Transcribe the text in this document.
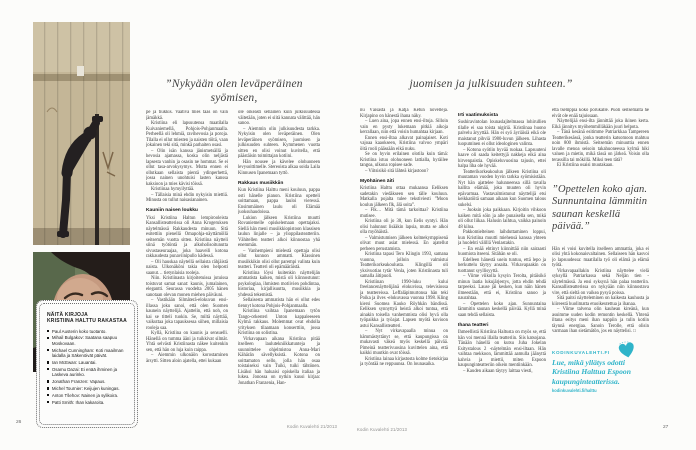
NÄITÄ KIRJOJA
KRISTIINA HALTTU RAKASTAA
Paul Austerin koko tuotanto.
Mihail Bulgakov: Saatana saapuu Moskovaan.
Michael Cunningham: Koti maailman laidalla ja Säkenöivät päivät.
Ian McEwan: Lauantai.
Osamu Dazai: Ei enää ihminen ja Laskeva aurinko.
Jonathan Franzen: Vapaus.
Michel Tournier: Keijujen kuningas.
Anton Tšehov: Nainen ja sylikoira.
Patti Smith: Ihan kakaroita.
”Nykyään olen leväperäinen syömisen,
juomisen ja julkisuuden suhteen.”
pe ja tiukkis. Vaativa mies taas on vain jämäkkä.
Kristiina eli lapsuutensa maatilalla Kuivaniemellä, Pohjois-Pohjanmaalla. Perheellä oli lehmiä, ravihevosia ja poroja. Tilalla ei ollut miesten ja naisten töitä, vaan jokainen teki sitä, minkä parhaiten osasi.
– Olin isän kanssa jänismetsällä ja hevosia ajamassa, koska olin neljästä lapsesta vanhin ja osasin ne hommat. Se ei ollut tasa-arvokysymys. Mutta ennen ei ollutkaan sellaista pientä ydinperhettä, jossa nainen unohtuisi lasten kanssa kaksioon ja mies kävisi töissä.
Kristiinaa hymyilyttää.
– Tällaisia minä ehdin nykyisin miettiä. Minusta on tullut naisasianainen.
Kauniin naisen loukku
Yksi Kristiina Haltun lempirooleista Kansallisteatterissa oli Anna Krogeruksen näytelmässä Rakkaudesta minuun. Sitä esitettiin pienellä Omapohja-näyttämöllä seitsemän vuotta sitten. Kristiina näytteli siinä työtöntä ja alkoholisoitunutta sivustaseuraajaa, joka haaveili kotona rakkaudesta punaviinipullo kädessä.
– Oli hauskaa näytellä sellaista rähjäistä naista. Ulkonäköni takia olen helposti saanut… tietynlaisia rooleja.
Niin. Kristiinasta kirjoitetuissa jutuissa toistuvat samat sanat: kaunis, jumalainen, elegantti. Seurassa vuodelta 2005 hänen sanotaan olevan monen miehen päiväuni.
– Vastikään Silmäterä-elokuvan ensi-illassa joku sanoi, että olen Suomen kaunein näyttelijä. Ajattelin, että noh, on kai se titteli tuokin. Se, miltä näyttää, vaikuttaa joka tapauksessa siihen, millaisia rooleja saa.
Kyllä, Kristiina on kaunis ja sensuelli. Hänellä on tumma ääni ja tuikkivat silmät. Yhtä selvästi Kristiinasta näkee kuitenkin sen, että hän on luja kuin raippa.
– Aiemmin ulkonäön korostaminen ärsytti. Sitten aloin ajatella, ettei kukaan
ole oikeasti sellainen kuin julkisuudessa väitetään, joten ei siitä kannata välittää, hän sanoo.
– Aiemmin olin julkisuudesta tarkka. Nykyisin olen leväperäinen. Olen leväperäinen syömisen, juomisen ja julkisuuden suhteen. Kymmenen vuotta sitten en olisi voinut kuvitella, että päästäisin toimittajan kotiini.
Hän nousee ja kävelee olohuoneen levysoittimelle. Stereoista alkaa soida Laila Kinnusen Ipanemaan tyttö.
Rakkaus musiikkiin
Kun Kristiina Halttu meni kouluun, pappa osti hänelle pianon. Kristiina opetteli soittamaan, pappa lauloi vieressä. Ensimmäinen laulu oli Elämää juoksuhaudoissa.
Lukion jälkeen Kristiina muutti Rovaniemelle opiskelemaan opettajaksi. Siellä hän meni musiikkiopistoon klassisen laulun linjalle – ja ylioppilasteatteriin. Vähitellen teatteri alkoi kiinnostaa yhä enemmän.
– Vanhempieni mielestä opettaja olisi ollut kunnon ammatti. Klassinen musiikkikin olisi ollut parempi valinta kuin teatteri. Teatteri oli epämääräistä.
Kristiina löysi kuitenkin näyttelijän ammatista kaiken, mistä oli kiinnostunut: psykologiaa, ihmisten motiivien pohdintaa, historiaa, kirjallisuutta, musiikkia ja yhdessä tekemistä.
Sellaisesta ammatista hän ei ollut edes tiennyt kotona Pohjois-Pohjanmaalla.
Kristiina vaihtaa Ipanemaan tytön Tango-orkesteri Unton kappaleeseen Kylmä rakkaus. Molemmat ovat ehdolla yrityksen tilaamaan konserttiin, jossa Kristiina on solistina.
Virkavapaan aikana Kristiina pitää itselleen laulutekniikkatunteja ja suunnittelee ohjelmistoa Anna-Mari Kähärän sävellyksistä. Kotona on soittamaton sello, jolla hän osaa toistaiseksi vain Tuiki, tuiki tähtönen. Lisäksi hän haluaisi opiskella italiaa ja lukea. Jonossa on nytkin kuusi kirjaa: Jonathan Franzenia, Han-
nu Väisästä ja Katja Ketun novelleja. Kirjapino on hänestä ihana näky.
– Luen aina, jopa ennen ensi-iltoja. Silloin vain en pysty lukemaan pitkiä aikoja kerrallaan, niin että voisin humahtaa kirjaan.
Ennen ensi-iltaa alkavat painajaiset. Koti vajoaa kaaokseen, Kristiina valvoo ympäri öitä rooli päässään eikä nuku.
Se on hyvin erilainen olotila kuin tämä: Kristiina istuu olohuoneen lattialla, hyräilee tangoa, ulkona ropisee sade.
– Viitsisikö sitä lähteä kirjastoon?
Myöhäinen äiti
Kristiina Halttu ottaa mukaansa Eeliksen sadetakin viedäkseen sen tälle kouluun. Matkalla pojalta tulee tekstiviesti ”Moon koulun jälkeen flk, älä soita”.
– Flk… Mitä tämä tarkoittaa? Kristiina mutisee.
Kristiina oli jo 38, kun Eelis syntyi. Hän olisi halunnut lisääkin lapsia, mutta se alkoi olla myöhäistä.
– Valmistumisen jälkeen kolmekymppisenä olivat muut asiat mielessä. En ajatellut perheen perustamista.
Kristiina tapasi Tero Klingin 1993, samana vuonna, jolloin valmistui Teatterikorkeakoulusta. Klingillä oli yksivuotias tytär Venla, joten Kristiinasta tuli samalla äitipuoli.
Kristiinan 1990-luku kului freelancenäyttelijänä elokuvissa, televisiossa ja teattereissa. Leffaläpimurtonsa hän teki Poika ja ilves -elokuvassa vuonna 1998. Kling kiersi Suomea Kauko Röyhkän bändissä. Eeliksen synnyttyä heistä alkoi tuntua, että ainakin toisella vanhemmista olisi hyvä olla työpaikka ja työajat. Lapsen myötä kuvioon astui Kansallisteatteri.
– Nyt virkavapaalla minua on hämmästyttänyt se, että kaupungissa on mukavasti väkeä myös keskellä päivää. Pimeinä teatterivuosina kuvittelen aina, että kaikki muutkin ovat töissä.
Kristiina lainaa kirjastosta kolme tietokirjaa ja työntää ne reppuunsa. On lounasaika.
Irti vaatimuksista
Sushiravintolan lounaslajitelmassa lohirullien tilalle ei saa toista nigiriä. Kristiinaa huono palvelu äryyttää. Hän ei syö äyriäisiä eikä ole maistanut pihviä 1980-luvun jälkeen. Lihasta luopuminen ei ollut ideologinen valinta.
– Kotona syötiin hyvää ruokaa. Lapsuuteni haave oli saada keitettyjä nakkeja eikä aina hirvenpaistia. Opiskeluvuosina tajusin, ettei halpa liha ole hyvää.
Teatterikorkeakoulun jälkeen Kristiina oli muutaman vuoden hyvin tarkka syömisistään. Nyt hän ajattelee halunneensa sillä tavalla hallita elämää, joka muuten oli hyvin epävarmaa. Vastavalmistunut näyttelijä etsi keikkatöitä samaan aikaan kun Suomen talous sukelsi.
– Juoksin joka paikkaan. Kirjoitin vihkoon kaiken mitä söin ja alle punaisella sen, mikä oli ollut liikaa. Halusin laihtua, vaikka painoin 48 kiloa.
Pakkomielteinen laihduttaminen loppui, kun Kristiina muutti miehensä kanssa yhteen ja huolehti välillä Venlastakin.
– En enää ehtinyt kiinnittää niin sairaasti huomiota itseeni. Sitähän se oli.
Edelleen hänestä usein tuntuu, että lepo ja herkuttelu täytyy ansaita. Virkavapaakin on tuottanut syyllisyyttä.
– Viime viikolla kysyin Terolta, pitäisikö minun laatia lukujärjestys, jotta ehdin tehdä tarpeeksi. Lause jäi kesken, kun näin hänen ilmeestään, että ei, Kristiina sanoo ja naurahtaa.
– Opettelen koko ajan. Sunnuntaina lämmitin saunan keskellä päivää. Kyllä minä saan tehdä sellaista.
Ihana teatteri
Ihmeellistä Kristiina Haltusta on myös se, että hän voi mennä illalla teatteriin. Siis katsojana. Tänään hänellä on kutsu Juha Jokelan Esitystalous 2 -näytelmän ensi-iltaan. Hän vaihtaa mekkoon, lämmittää aamulla jäänyttä kahvia ja miettii, miten Espoon kaupunginteatteriin oikein mentiinkään.
– Kauden aikaan täytyy laittaa viesti,
että tsemppiä koko porukalle. Puoli seitsemältä he eivät ole enää tajuissaan.
Näyttelijää ensi-ilta jännittää joka ikinen kerta. Eikä jännitys myöhemmilläkään juuri helpota.
– Tänä kesänä esitimme Patriarkkaa Tampereen Teatterikesässä, jonka teatterin katsomoon mahtuu noin 800 ihmistä. Seitsemän minuuttia ennen lavalle menoa seisoin takahuoneessa kylmä hiki valuen ja mietin, mikä tässä on järkeä. Voisin olla terassilla tai mökillä. Miksi teen tätä?
Ei Kristiina osaisi muutakaan.
”Opettelen koko ajan. Sunnuntaina lämmitin saunan keskellä päivää.”
Hän ei voisi kuvitella itselleen ammattia, joka ei olisi yhtä kokonaisvaltainen. Sellaiseen hän kasvoi jo lapsuudessa: maatilalla työ oli elämä ja elämä työtä.
Virkavapaallakin Kristiina näyttelee vielä syksyllä Patriarkassa sekä Neljän tien -näytelmässä. Ja ensi syksynä hän palaa teatteriin. Kansallisteatterissa on nykyään niin kiinnostava vire, että sieltä on vaikea pysyä poissa.
Sitä paitsi näytteleminen on kaikesta kauhusta ja kiireestä huolimatta etuoikeutettua ja ihanaa.
– Viime talvena olin kauhean kireänä, kun asuimme uuden kodin remontin keskellä. Yhtenä iltana esitys meni ihan nappiin ja tulin kotiin täynnä energiaa. Sanoin Terolle, että olisin varmaan ihan sietämätön, jos en näyttelisi. □
KODINKUVALEHTI.FI
Lue, mikä yllätys odotti Kristiina Halttua Espoon kaupunginteatterissa.
kodinkuvalehti.fi/halttu
Kodin Kuvalehti 21/2013
Kodin Kuvalehti 21/2013
26
27
